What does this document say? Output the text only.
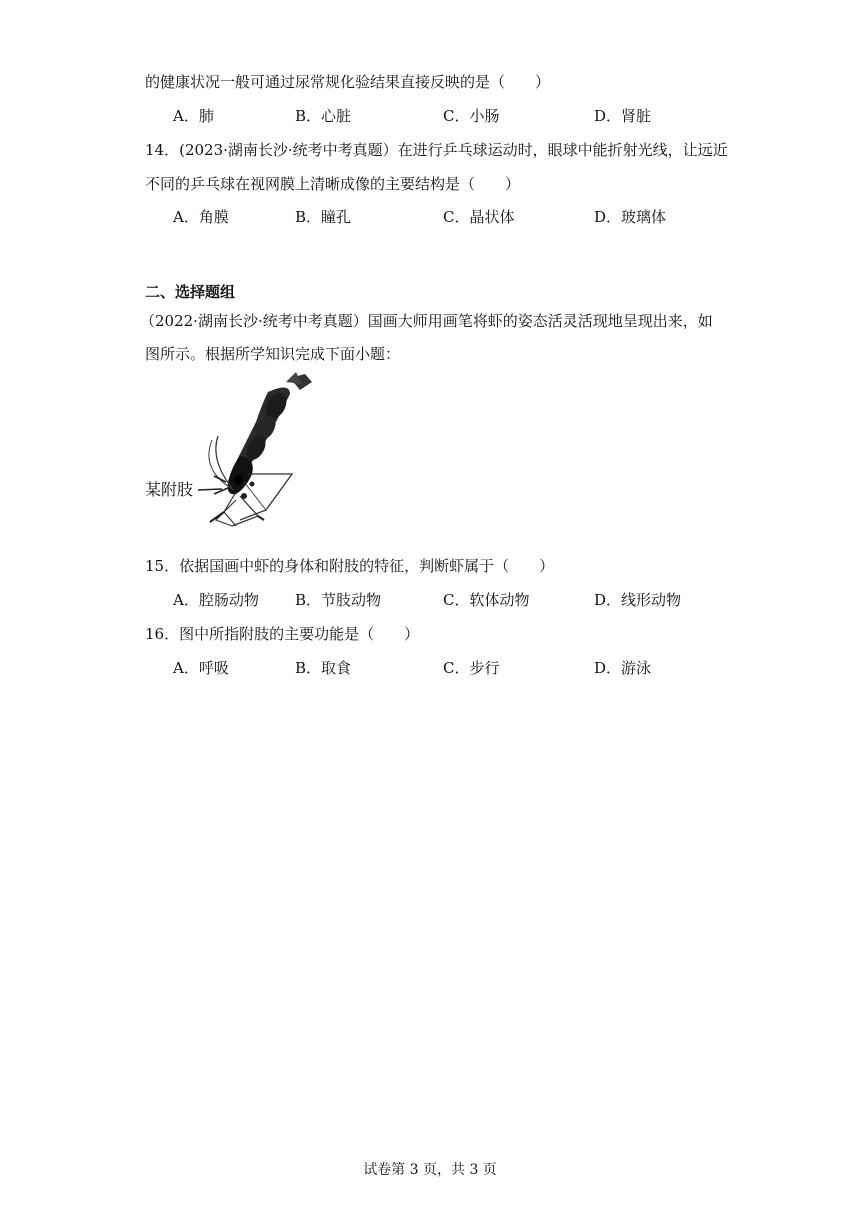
的健康状况一般可通过尿常规化验结果直接反映的是（　　）
A．肺	B．心脏	C．小肠	D．肾脏
14．(2023·湖南长沙·统考中考真题）在进行乒乓球运动时，眼球中能折射光线，让远近
不同的乒乓球在视网膜上清晰成像的主要结构是（　　）
A．角膜	B．瞳孔	C．晶状体	D．玻璃体
二、选择题组
（2022·湖南长沙·统考中考真题）国画大师用画笔将虾的姿态活灵活现地呈现出来，如
图所示。根据所学知识完成下面小题：
某附肢
15．依据国画中虾的身体和附肢的特征，判断虾属于（　　）
A．腔肠动物 B．节肢动物	C．软体动物	D．线形动物
16．图中所指附肢的主要功能是（　　）
A．呼吸	B．取食	C．步行	D．游泳
试卷第 3 页，共 3 页
